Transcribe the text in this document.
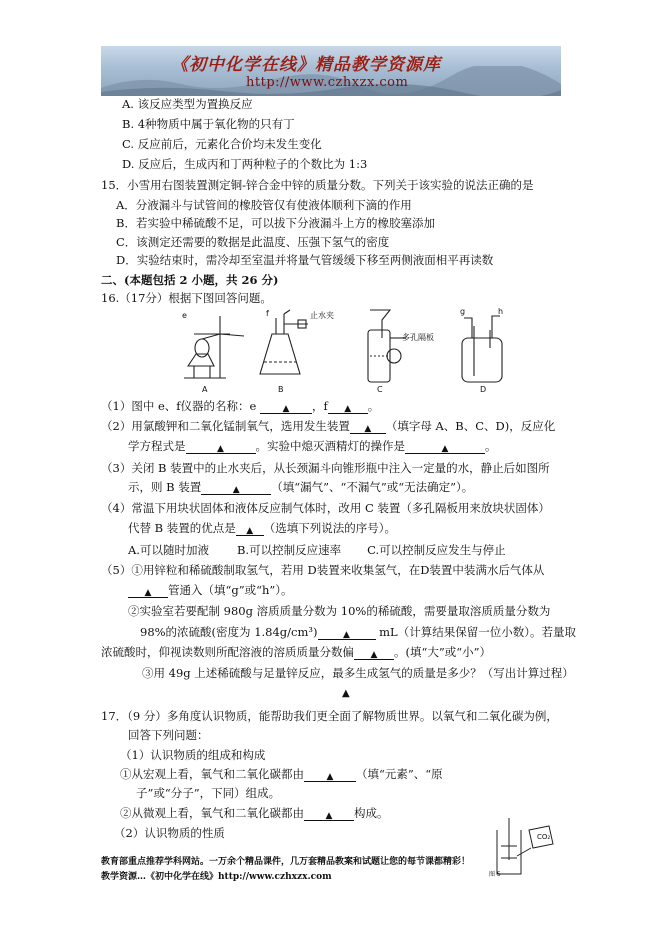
《初中化学在线》精品教学资源库
http://www.czhxzx.com
A. 该反应类型为置换反应
B. 4种物质中属于氧化物的只有丁
C. 反应前后，元素化合价均未发生变化
D. 反应后，生成丙和丁两种粒子的个数比为 1:3
15．小雪用右图装置测定铜-锌合金中锌的质量分数。下列关于该实验的说法正确的是
A．分液漏斗与试管间的橡胶管仅有使液体顺利下滴的作用
B．若实验中稀硫酸不足，可以拔下分液漏斗上方的橡胶塞添加
C．该测定还需要的数据是此温度、压强下氢气的密度
D．实验结束时，需冷却至室温并将量气管缓缓下移至两侧液面相平再读数
二、(本题包括 2 小题，共 26 分)
16.（17分）根据下图回答问题。
e	f	止水夹
多孔隔板
g	h
A	B	C	D
（1）图中 e、f仪器的名称：e	▲ ，f ▲ 。
（2）用氯酸钾和二氧化锰制氧气，选用发生装置 ▲ （填字母 A、B、C、D)，反应化
学方程式是	▲	。实验中熄灭酒精灯的操作是	▲	。
（3）关闭 B 装置中的止水夹后，从长颈漏斗向锥形瓶中注入一定量的水，静止后如图所
示，则 B 装置	▲	（填“漏气”、“不漏气”或“无法确定”）。
（4）常温下用块状固体和液体反应制气体时，改用 C 装置（多孔隔板用来放块状固体）
代替 B 装置的优点是 ▲ （选填下列说法的序号）。
A.可以随时加液 B.可以控制反应速率 C.可以控制反应发生与停止
（5）①用锌粒和稀硫酸制取氢气，若用 D装置来收集氢气，在D装置中装满水后气体从
▲ 管通入（填“g”或“h”）。
②实验室若要配制 980g 溶质质量分数为 10%的稀硫酸，需要量取溶质质量分数为
98%的浓硫酸(密度为 1.84g/cm³)	▲	mL（计算结果保留一位小数）。若量取
浓硫酸时，仰视读数则所配溶液的溶质质量分数偏 ▲ 。(填“大”或“小”）
③用 49g 上述稀硫酸与足量锌反应，最多生成氢气的质量是多少？（写出计算过程）
▲
17．（9 分）多角度认识物质，能帮助我们更全面了解物质世界。以氧气和二氧化碳为例，
回答下列问题：
（1）认识物质的组成和构成
①从宏观上看，氧气和二氧化碳都由	▲ （填“元素”、“原
子”或“分子”，下同）组成。
②从微观上看，氧气和二氧化碳都由 ▲ 构成。
（2）认识物质的性质	CO₂
图 5
教育部重点推荐学科网站。一万余个精品课件，几万套精品教案和试题让您的每节课都精彩！
教学资源…《初中化学在线》http://www.czhxzx.com
